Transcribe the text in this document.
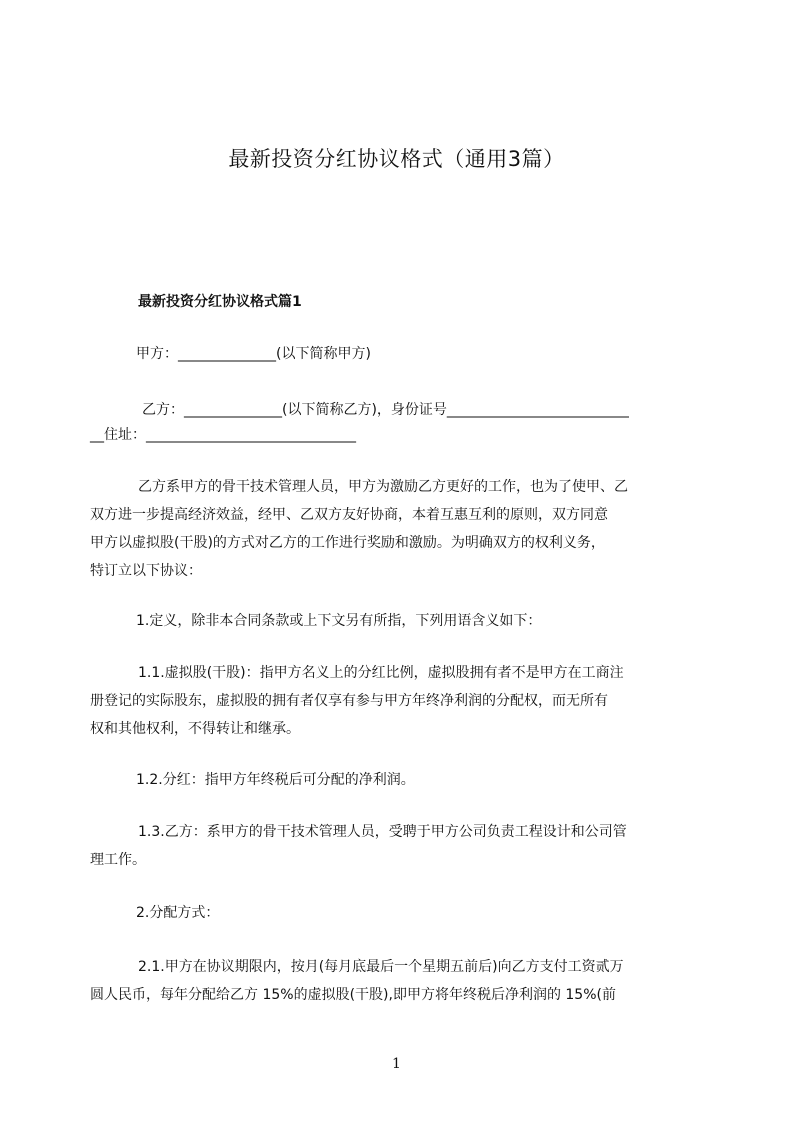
最新投资分红协议格式（通用3篇）
最新投资分红协议格式篇1
甲方：______________(以下简称甲方)
乙方：______________(以下简称乙方)，身份证号__________________________
__住址：______________________________
乙方系甲方的骨干技术管理人员，甲方为激励乙方更好的工作，也为了使甲、乙
双方进一步提高经济效益，经甲、乙双方友好协商，本着互惠互利的原则，双方同意
甲方以虚拟股(干股)的方式对乙方的工作进行奖励和激励。为明确双方的权利义务，
特订立以下协议：
1.定义，除非本合同条款或上下文另有所指，下列用语含义如下：
1.1.虚拟股(干股)：指甲方名义上的分红比例，虚拟股拥有者不是甲方在工商注
册登记的实际股东，虚拟股的拥有者仅享有参与甲方年终净利润的分配权，而无所有
权和其他权利，不得转让和继承。
1.2.分红：指甲方年终税后可分配的净利润。
1.3.乙方：系甲方的骨干技术管理人员，受聘于甲方公司负责工程设计和公司管
理工作。
2.分配方式：
2.1.甲方在协议期限内，按月(每月底最后一个星期五前后)向乙方支付工资贰万
圆人民币，每年分配给乙方 15%的虚拟股(干股),即甲方将年终税后净利润的 15%(前
1
